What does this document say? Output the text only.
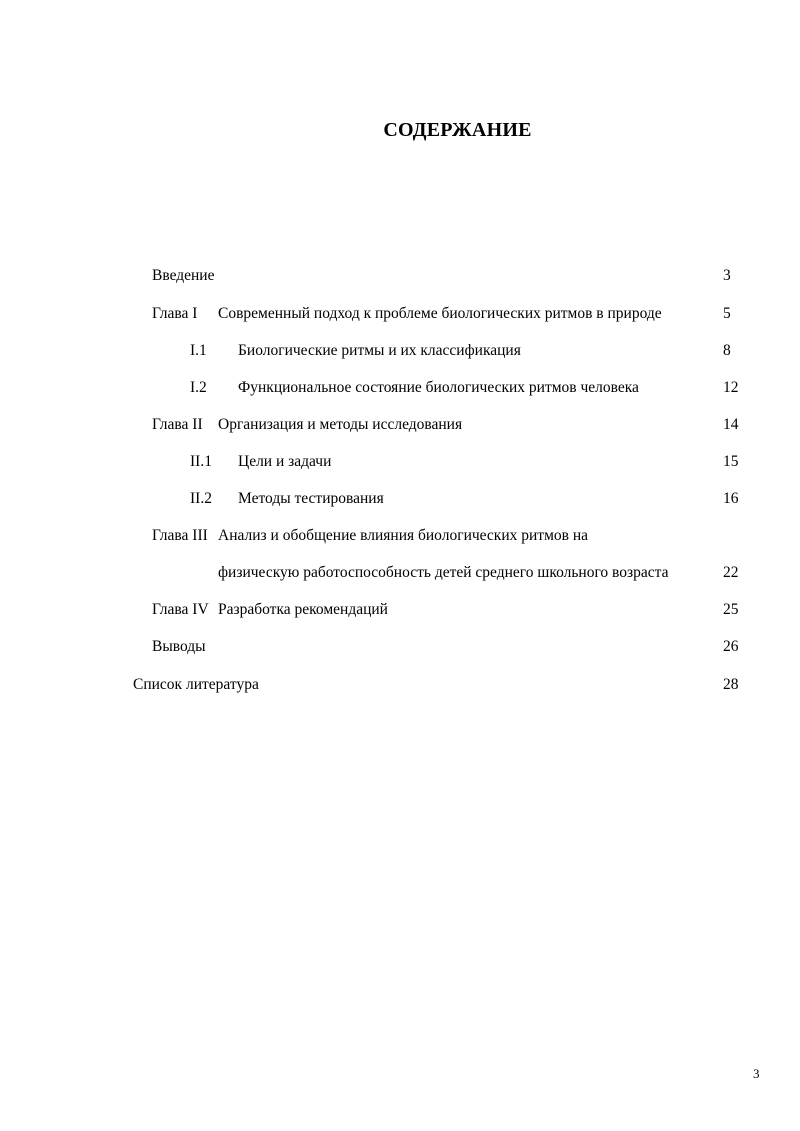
СОДЕРЖАНИЕ
Введение	3
Глава I Современный подход к проблеме биологических ритмов в природе	5
I.1 Биологические ритмы и их классификация	8
I.2 Функциональное состояние биологических ритмов человека	12
Глава II Организация и методы исследования	14
II.1 Цели и задачи	15
II.2 Методы тестирования	16
Глава III Анализ и обобщение влияния биологических ритмов на
физическую работоспособность детей среднего школьного возраста	22
Глава IV Разработка рекомендаций	25
Выводы	26
Список литература	28
3
